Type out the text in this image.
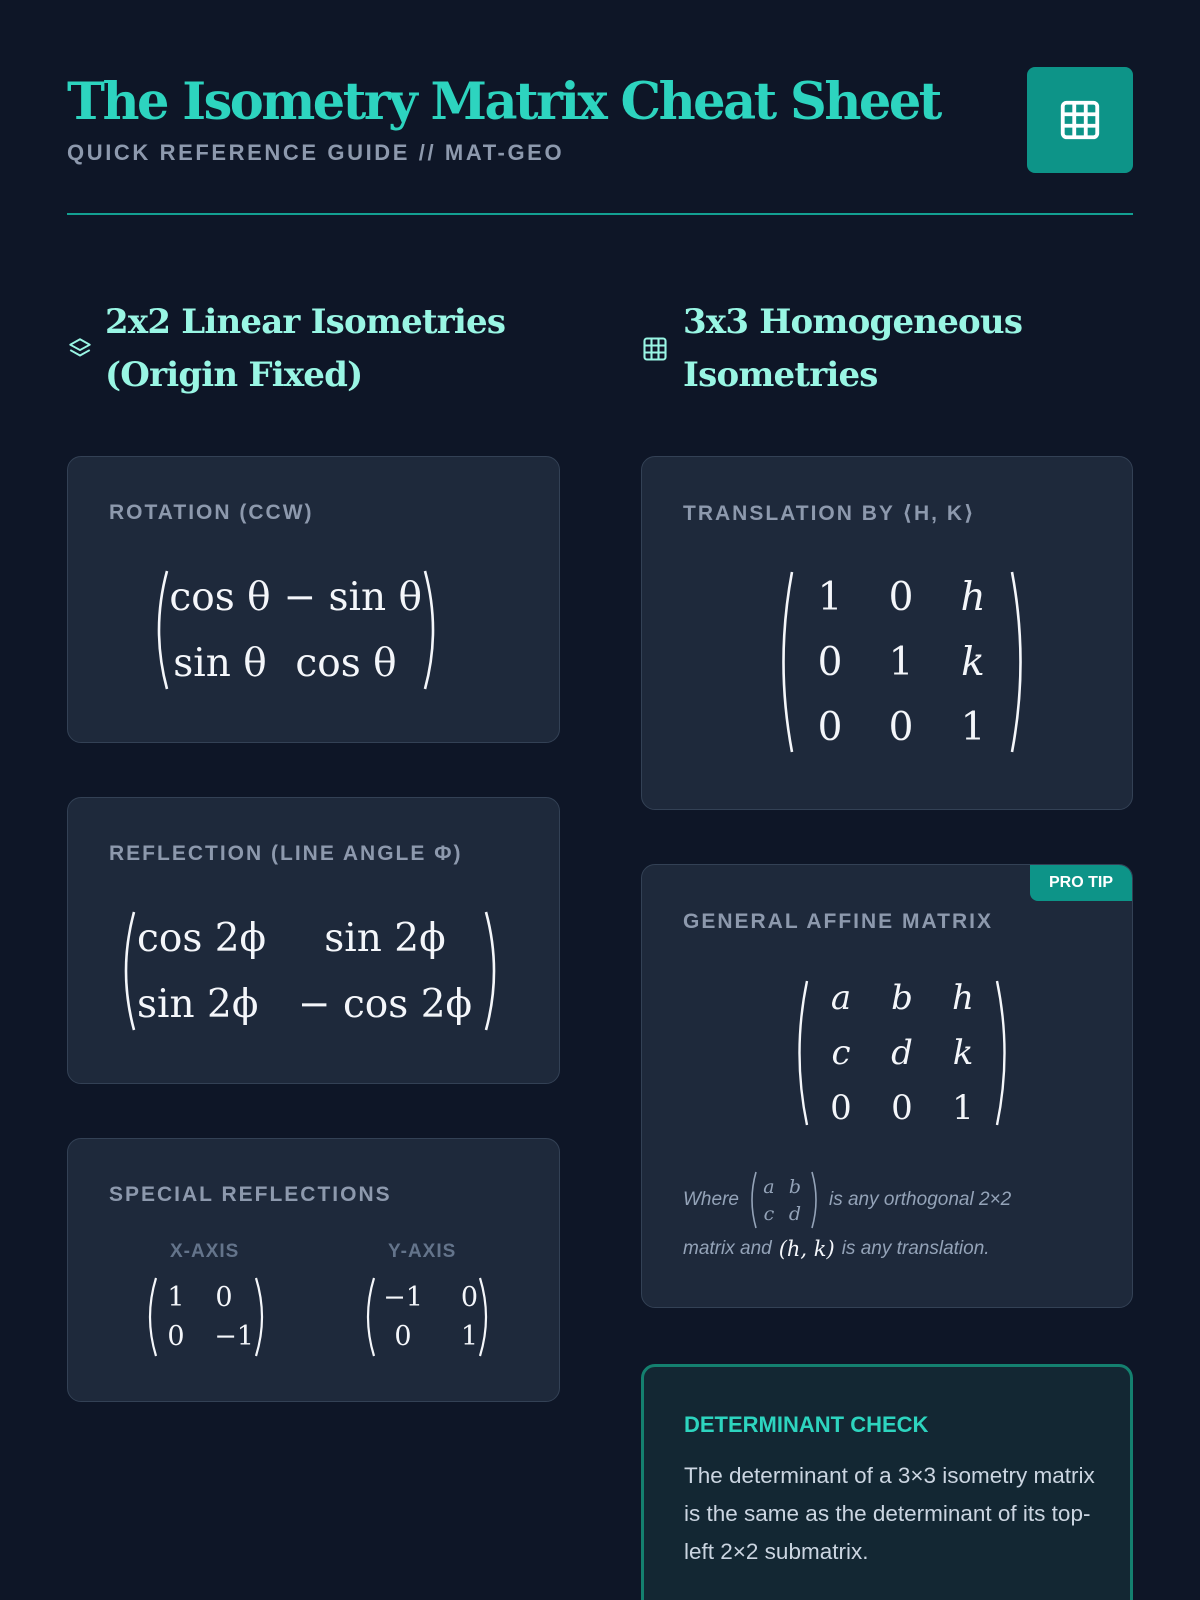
The Isometry Matrix Cheat Sheet
QUICK REFERENCE GUIDE // MAT-GEO
2x2 Linear Isometries
(Origin Fixed)
3x3 Homogeneous
Isometries
ROTATION (CCW)
cos θ − sin θ
sin θ cos θ
REFLECTION (LINE ANGLE Φ)
cos 2ϕ sin 2ϕ
sin 2ϕ − cos 2ϕ
SPECIAL REFLECTIONS
X-AXIS	Y-AXIS
1 0
0 −1
−1 0
0 1
TRANSLATION BY ⟨H, K⟩
1 0 h
0 1 k
0 0 1
PRO TIP
GENERAL AFFINE MATRIX
a b h
c d k
0 0 1
Where
a b
c d
is any orthogonal 2×2
matrix and (h, k) is any translation.
DETERMINANT CHECK
The determinant of a 3×3 isometry matrix is the same as the determinant of its top-left 2×2 submatrix.
